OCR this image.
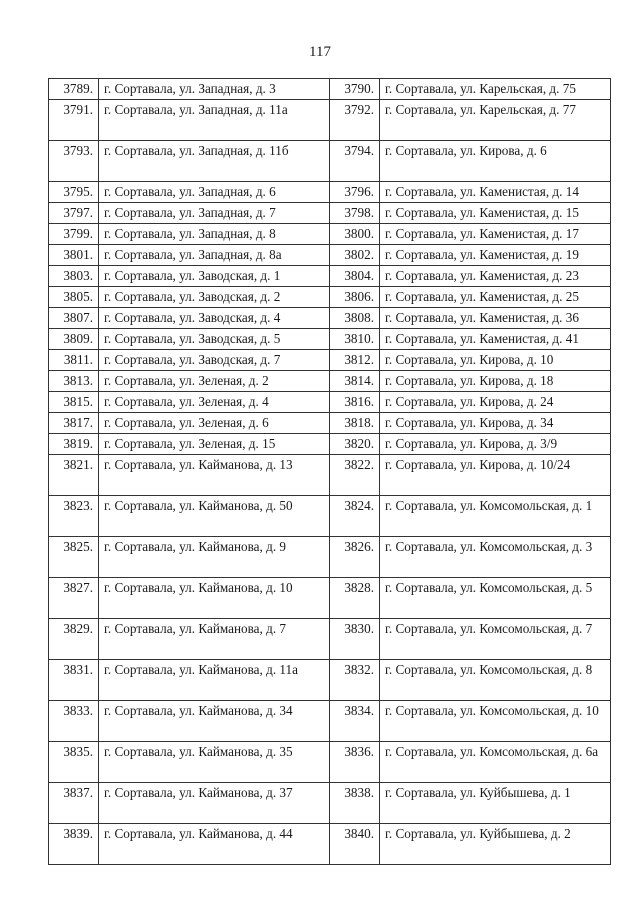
117
3789.	г. Сортавала, ул. Западная, д. 3	3790.	г. Сортавала, ул. Карельская, д. 75
3791.	г. Сортавала, ул. Западная, д. 11а	3792.	г. Сортавала, ул. Карельская, д. 77
3793.	г. Сортавала, ул. Западная, д. 11б	3794.	г. Сортавала, ул. Кирова, д. 6
3795.	г. Сортавала, ул. Западная, д. 6	3796.	г. Сортавала, ул. Каменистая, д. 14
3797.	г. Сортавала, ул. Западная, д. 7	3798.	г. Сортавала, ул. Каменистая, д. 15
3799.	г. Сортавала, ул. Западная, д. 8	3800.	г. Сортавала, ул. Каменистая, д. 17
3801.	г. Сортавала, ул. Западная, д. 8а	3802.	г. Сортавала, ул. Каменистая, д. 19
3803.	г. Сортавала, ул. Заводская, д. 1	3804.	г. Сортавала, ул. Каменистая, д. 23
3805.	г. Сортавала, ул. Заводская, д. 2	3806.	г. Сортавала, ул. Каменистая, д. 25
3807.	г. Сортавала, ул. Заводская, д. 4	3808.	г. Сортавала, ул. Каменистая, д. 36
3809.	г. Сортавала, ул. Заводская, д. 5	3810.	г. Сортавала, ул. Каменистая, д. 41
3811.	г. Сортавала, ул. Заводская, д. 7	3812.	г. Сортавала, ул. Кирова, д. 10
3813.	г. Сортавала, ул. Зеленая, д. 2	3814.	г. Сортавала, ул. Кирова, д. 18
3815.	г. Сортавала, ул. Зеленая, д. 4	3816.	г. Сортавала, ул. Кирова, д. 24
3817.	г. Сортавала, ул. Зеленая, д. 6	3818.	г. Сортавала, ул. Кирова, д. 34
3819.	г. Сортавала, ул. Зеленая, д. 15	3820.	г. Сортавала, ул. Кирова, д. 3/9
3821.	г. Сортавала, ул. Кайманова, д. 13	3822.	г. Сортавала, ул. Кирова, д. 10/24
3823.	г. Сортавала, ул. Кайманова, д. 50	3824.	г. Сортавала, ул. Комсомольская, д. 1
3825.	г. Сортавала, ул. Кайманова, д. 9	3826.	г. Сортавала, ул. Комсомольская, д. 3
3827.	г. Сортавала, ул. Кайманова, д. 10	3828.	г. Сортавала, ул. Комсомольская, д. 5
3829.	г. Сортавала, ул. Кайманова, д. 7	3830.	г. Сортавала, ул. Комсомольская, д. 7
3831.	г. Сортавала, ул. Кайманова, д. 11а	3832.	г. Сортавала, ул. Комсомольская, д. 8
3833.	г. Сортавала, ул. Кайманова, д. 34	3834.	г. Сортавала, ул. Комсомольская, д. 10
3835.	г. Сортавала, ул. Кайманова, д. 35	3836.	г. Сортавала, ул. Комсомольская, д. 6а
3837.	г. Сортавала, ул. Кайманова, д. 37	3838.	г. Сортавала, ул. Куйбышева, д. 1
3839.	г. Сортавала, ул. Кайманова, д. 44	3840.	г. Сортавала, ул. Куйбышева, д. 2
